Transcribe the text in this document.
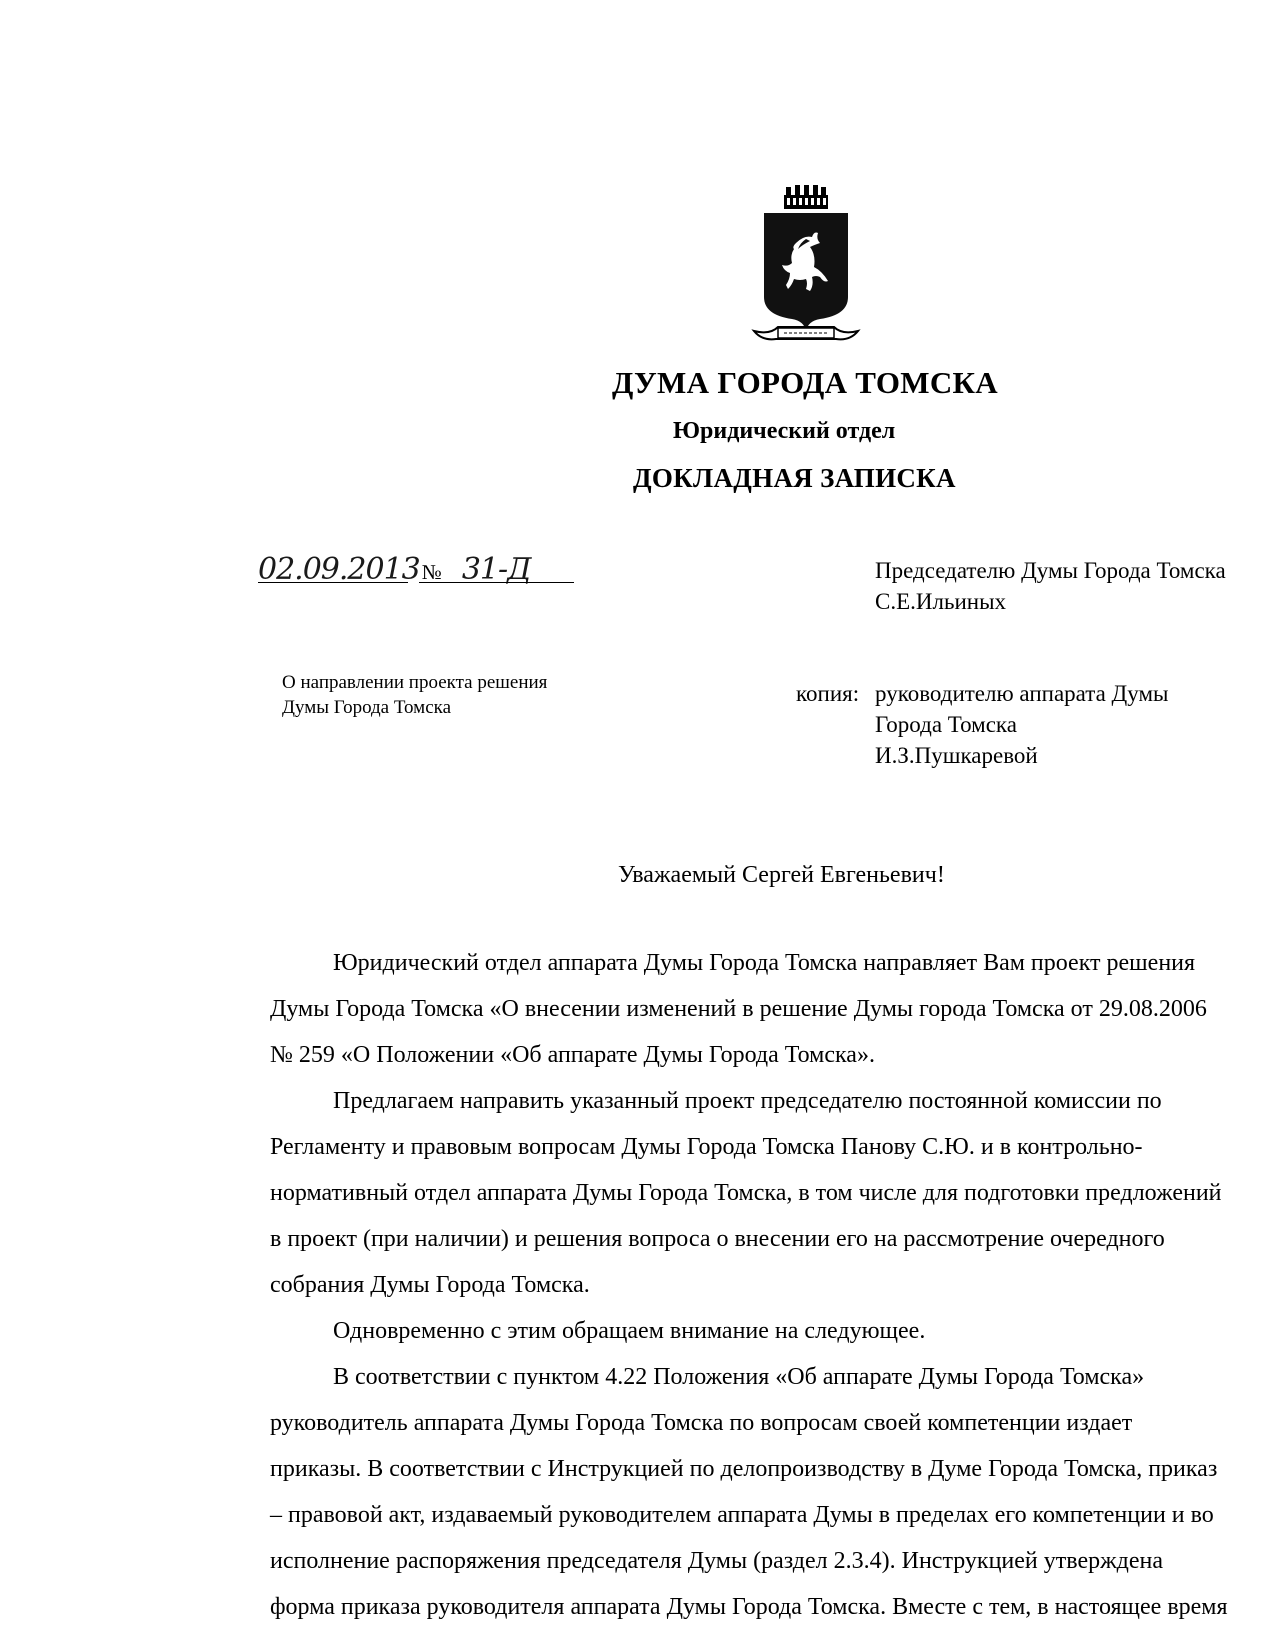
ДУМА ГОРОДА ТОМСКА
Юридический отдел
ДОКЛАДНАЯ ЗАПИСКА
02.09.2013№ 31-Д	Председателю Думы Города Томска
С.Е.Ильиных
копия: руководителю аппарата Думы
Города Томска
И.З.Пушкаревой
О направлении проекта решения
Думы Города Томска
Уважаемый Сергей Евгеньевич!

Юридический отдел аппарата Думы Города Томска направляет Вам проект решения

Думы Города Томска «О внесении изменений в решение Думы города Томска от 29.08.2006

№ 259 «О Положении «Об аппарате Думы Города Томска».

Предлагаем направить указанный проект председателю постоянной комиссии по

Регламенту и правовым вопросам Думы Города Томска Панову С.Ю. и в контрольно-

нормативный отдел аппарата Думы Города Томска, в том числе для подготовки предложений

в проект (при наличии) и решения вопроса о внесении его на рассмотрение очередного

собрания Думы Города Томска.

Одновременно с этим обращаем внимание на следующее.

В соответствии с пунктом 4.22 Положения «Об аппарате Думы Города Томска»

руководитель аппарата Думы Города Томска по вопросам своей компетенции издает

приказы. В соответствии с Инструкцией по делопроизводству в Думе Города Томска, приказ

– правовой акт, издаваемый руководителем аппарата Думы в пределах его компетенции и во

исполнение распоряжения председателя Думы (раздел 2.3.4). Инструкцией утверждена

форма приказа руководителя аппарата Думы Города Томска. Вместе с тем, в настоящее время
